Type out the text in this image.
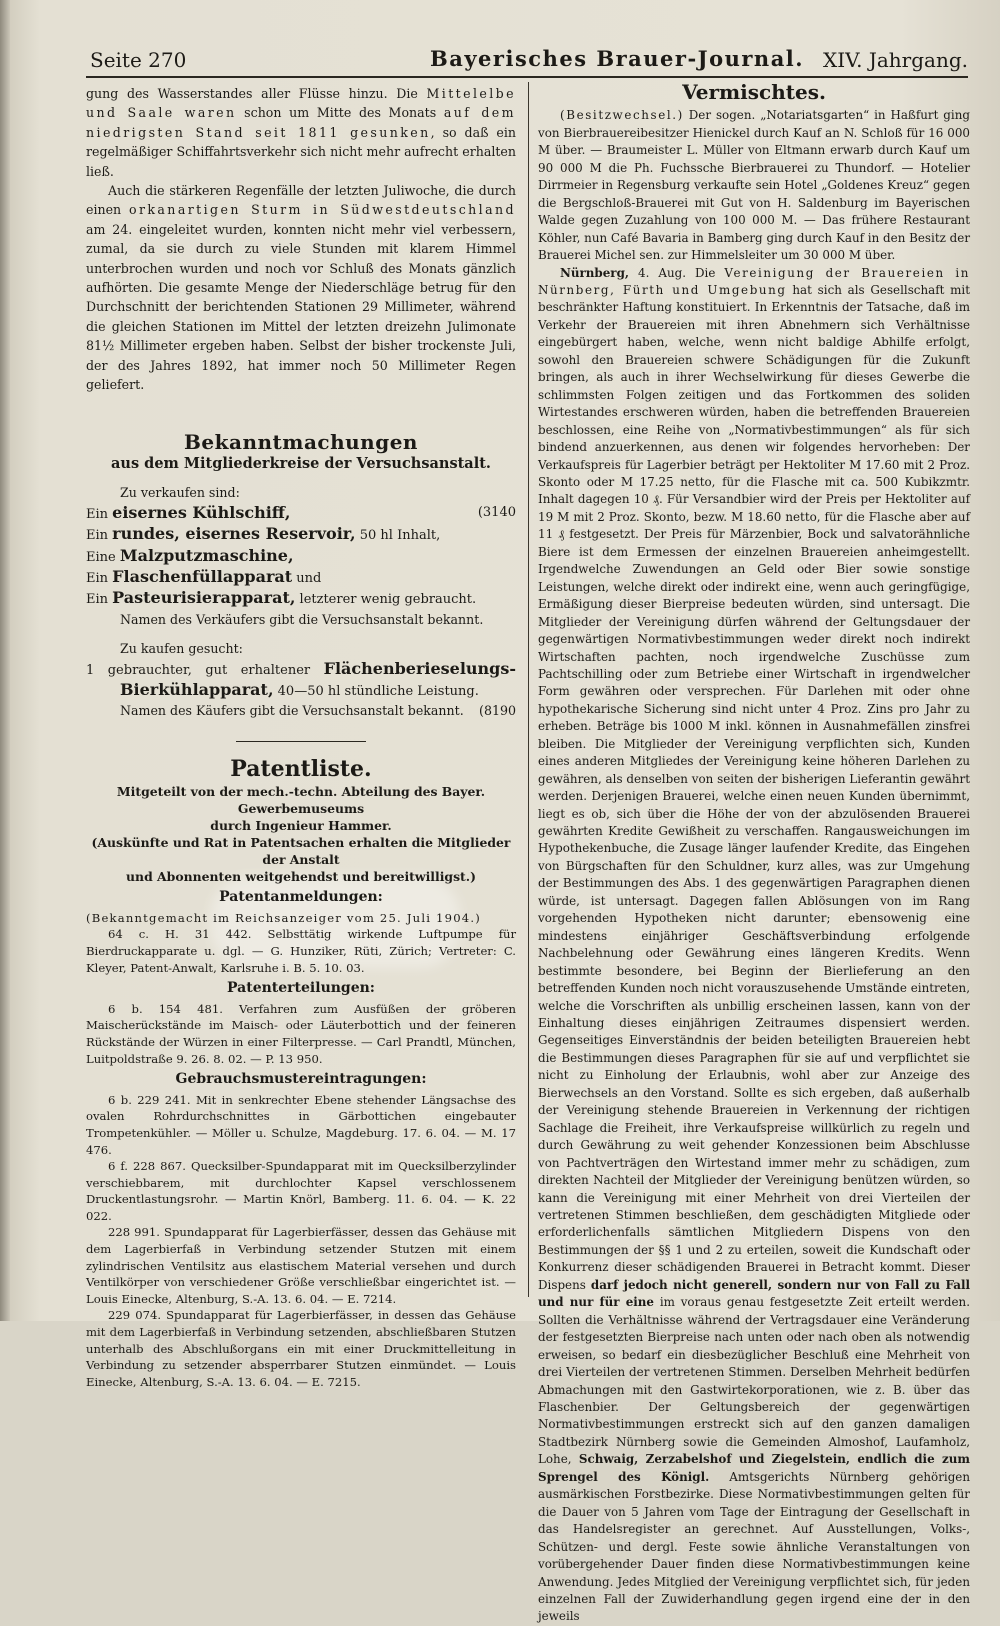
Seite 270	Bayerisches Brauer-Journal. XIV. Jahrgang.

gung des Wasserstandes aller Flüsse hinzu. Die Mittelelbe und Saale waren schon um Mitte des Monats auf dem niedrigsten Stand seit 1811 gesunken, so daß ein regelmäßiger Schiffahrtsverkehr sich nicht mehr aufrecht erhalten ließ.

Auch die stärkeren Regenfälle der letzten Juliwoche, die durch einen orkanartigen Sturm in Südwestdeutschland am 24. eingeleitet wurden, konnten nicht mehr viel verbessern, zumal, da sie durch zu viele Stunden mit klarem Himmel unterbrochen wurden und noch vor Schluß des Monats gänzlich aufhörten. Die gesamte Menge der Niederschläge betrug für den Durchschnitt der berichtenden Stationen 29 Millimeter, während die gleichen Stationen im Mittel der letzten dreizehn Julimonate 81½ Millimeter ergeben haben. Selbst der bisher trockenste Juli, der des Jahres 1892, hat immer noch 50 Millimeter Regen geliefert.

Bekanntmachungen
aus dem Mitgliederkreise der Versuchsanstalt.
Zu verkaufen sind:
Ein eisernes Kühlschiff,	(3140
Ein rundes, eisernes Reservoir, 50 hl Inhalt,
Eine Malzputzmaschine,
Ein Flaschenfüllapparat und
Ein Pasteurisierapparat, letzterer wenig gebraucht.
Namen des Verkäufers gibt die Versuchsanstalt bekannt.
Zu kaufen gesucht:
1 gebrauchter, gut erhaltener Flächenberieselungs-Bierkühlapparat, 40—50 hl stündliche Leistung.
Namen des Käufers gibt die Versuchsanstalt bekannt. (8190
Patentliste.

Mitgeteilt von der mech.-techn. Abteilung des Bayer. Gewerbemuseums

durch Ingenieur Hammer.

(Auskünfte und Rat in Patentsachen erhalten die Mitglieder der Anstalt

und Abonnenten weitgehendst und bereitwilligst.)

Patentanmeldungen:

(Bekanntgemacht im Reichsanzeiger vom 25. Juli 1904.)

64 c. H. 31 442. Selbsttätig wirkende Luftpumpe für Bierdruckapparate u. dgl. — G. Hunziker, Rüti, Zürich; Vertreter: C. Kleyer, Patent-Anwalt, Karlsruhe i. B. 5. 10. 03.

Patenterteilungen:

6 b. 154 481. Verfahren zum Ausfüßen der gröberen Maischerückstände im Maisch- oder Läuterbottich und der feineren Rückstände der Würzen in einer Filterpresse. — Carl Prandtl, München, Luitpoldstraße 9. 26. 8. 02. — P. 13 950.

Gebrauchsmustereintragungen:

6 b. 229 241. Mit in senkrechter Ebene stehender Längsachse des ovalen Rohrdurchschnittes in Gärbottichen eingebauter Trompetenkühler. — Möller u. Schulze, Magdeburg. 17. 6. 04. — M. 17 476.

6 f. 228 867. Quecksilber-Spundapparat mit im Quecksilberzylinder verschiebbarem, mit durchlochter Kapsel verschlossenem Druckentlastungsrohr. — Martin Knörl, Bamberg. 11. 6. 04. — K. 22 022.

228 991. Spundapparat für Lagerbierfässer, dessen das Gehäuse mit dem Lagerbierfaß in Verbindung setzender Stutzen mit einem zylindrischen Ventilsitz aus elastischem Material versehen und durch Ventilkörper von verschiedener Größe verschließbar eingerichtet ist. — Louis Einecke, Altenburg, S.-A. 13. 6. 04. — E. 7214.

229 074. Spundapparat für Lagerbierfässer, in dessen das Gehäuse mit dem Lagerbierfaß in Verbindung setzenden, abschließbaren Stutzen unterhalb des Abschlußorgans ein mit einer Druckmittelleitung in Verbindung zu setzender absperrbarer Stutzen einmündet. — Louis Einecke, Altenburg, S.-A. 13. 6. 04. — E. 7215.

Vermischtes.

(Besitzwechsel.) Der sogen. „Notariatsgarten“ in Haßfurt ging von Bierbrauereibesitzer Hienickel durch Kauf an N. Schloß für 16 000 M über. — Braumeister L. Müller von Eltmann erwarb durch Kauf um 90 000 M die Ph. Fuchssche Bierbrauerei zu Thundorf. — Hotelier Dirrmeier in Regensburg verkaufte sein Hotel „Goldenes Kreuz“ gegen die Bergschloß-Brauerei mit Gut von H. Saldenburg im Bayerischen Walde gegen Zuzahlung von 100 000 M. — Das frühere Restaurant Köhler, nun Café Bavaria in Bamberg ging durch Kauf in den Besitz der Brauerei Michel sen. zur Himmelsleiter um 30 000 M über.

Nürnberg, 4. Aug. Die Vereinigung der Brauereien in Nürnberg, Fürth und Umgebung hat sich als Gesellschaft mit beschränkter Haftung konstituiert. In Erkenntnis der Tatsache, daß im Verkehr der Brauereien mit ihren Abnehmern sich Verhältnisse eingebürgert haben, welche, wenn nicht baldige Abhilfe erfolgt, sowohl den Brauereien schwere Schädigungen für die Zukunft bringen, als auch in ihrer Wechselwirkung für dieses Gewerbe die schlimmsten Folgen zeitigen und das Fortkommen des soliden Wirtestandes erschweren würden, haben die betreffenden Brauereien beschlossen, eine Reihe von „Normativbestimmungen“ als für sich bindend anzuerkennen, aus denen wir folgendes hervorheben: Der Verkaufspreis für Lagerbier beträgt per Hektoliter M 17.60 mit 2 Proz. Skonto oder M 17.25 netto, für die Flasche mit ca. 500 Kubikzmtr. Inhalt dagegen 10 ₰. Für Versandbier wird der Preis per Hektoliter auf 19 M mit 2 Proz. Skonto, bezw. M 18.60 netto, für die Flasche aber auf 11 ₰ festgesetzt. Der Preis für Märzenbier, Bock und salvatorähnliche Biere ist dem Ermessen der einzelnen Brauereien anheimgestellt. Irgendwelche Zuwendungen an Geld oder Bier sowie sonstige Leistungen, welche direkt oder indirekt eine, wenn auch geringfügige, Ermäßigung dieser Bierpreise bedeuten würden, sind untersagt. Die Mitglieder der Vereinigung dürfen während der Geltungsdauer der gegenwärtigen Normativbestimmungen weder direkt noch indirekt Wirtschaften pachten, noch irgendwelche Zuschüsse zum Pachtschilling oder zum Betriebe einer Wirtschaft in irgendwelcher Form gewähren oder versprechen. Für Darlehen mit oder ohne hypothekarische Sicherung sind nicht unter 4 Proz. Zins pro Jahr zu erheben. Beträge bis 1000 M inkl. können in Ausnahmefällen zinsfrei bleiben. Die Mitglieder der Vereinigung verpflichten sich, Kunden eines anderen Mitgliedes der Vereinigung keine höheren Darlehen zu gewähren, als denselben von seiten der bisherigen Lieferantin gewährt werden. Derjenigen Brauerei, welche einen neuen Kunden übernimmt, liegt es ob, sich über die Höhe der von der abzulösenden Brauerei gewährten Kredite Gewißheit zu verschaffen. Rangausweichungen im Hypothekenbuche, die Zusage länger laufender Kredite, das Eingehen von Bürgschaften für den Schuldner, kurz alles, was zur Umgehung der Bestimmungen des Abs. 1 des gegenwärtigen Paragraphen dienen würde, ist untersagt. Dagegen fallen Ablösungen von im Rang vorgehenden Hypotheken nicht darunter; ebensowenig eine mindestens einjähriger Geschäftsverbindung erfolgende Nachbelehnung oder Gewährung eines längeren Kredits. Wenn bestimmte besondere, bei Beginn der Bierlieferung an den betreffenden Kunden noch nicht vorauszusehende Umstände eintreten, welche die Vorschriften als unbillig erscheinen lassen, kann von der Einhaltung dieses einjährigen Zeitraumes dispensiert werden. Gegenseitiges Einverständnis der beiden beteiligten Brauereien hebt die Bestimmungen dieses Paragraphen für sie auf und verpflichtet sie nicht zu Einholung der Erlaubnis, wohl aber zur Anzeige des Bierwechsels an den Vorstand. Sollte es sich ergeben, daß außerhalb der Vereinigung stehende Brauereien in Verkennung der richtigen Sachlage die Freiheit, ihre Verkaufspreise willkürlich zu regeln und durch Gewährung zu weit gehender Konzessionen beim Abschlusse von Pachtverträgen den Wirtestand immer mehr zu schädigen, zum direkten Nachteil der Mitglieder der Vereinigung benützen würden, so kann die Vereinigung mit einer Mehrheit von drei Vierteilen der vertretenen Stimmen beschließen, dem geschädigten Mitgliede oder erforderlichenfalls sämtlichen Mitgliedern Dispens von den Bestimmungen der §§ 1 und 2 zu erteilen, soweit die Kundschaft oder Konkurrenz dieser schädigenden Brauerei in Betracht kommt. Dieser Dispens darf jedoch nicht generell, sondern nur von Fall zu Fall und nur für eine im voraus genau festgesetzte Zeit erteilt werden. Sollten die Verhältnisse während der Vertragsdauer eine Veränderung der festgesetzten Bierpreise nach unten oder nach oben als notwendig erweisen, so bedarf ein diesbezüglicher Beschluß eine Mehrheit von drei Vierteilen der vertretenen Stimmen. Derselben Mehrheit bedürfen Abmachungen mit den Gastwirtekorporationen, wie z. B. über das Flaschenbier. Der Geltungsbereich der gegenwärtigen Normativbestimmungen erstreckt sich auf den ganzen damaligen Stadtbezirk Nürnberg sowie die Gemeinden Almoshof, Laufamholz, Lohe, Schwaig, Zerzabelshof und Ziegelstein, endlich die zum Sprengel des Königl. Amtsgerichts Nürnberg gehörigen ausmärkischen Forstbezirke. Diese Normativbestimmungen gelten für die Dauer von 5 Jahren vom Tage der Eintragung der Gesellschaft in das Handelsregister an gerechnet. Auf Ausstellungen, Volks-, Schützen- und dergl. Feste sowie ähnliche Veranstaltungen von vorübergehender Dauer finden diese Normativbestimmungen keine Anwendung. Jedes Mitglied der Vereinigung verpflichtet sich, für jeden einzelnen Fall der Zuwiderhandlung gegen irgend eine der in den jeweils
